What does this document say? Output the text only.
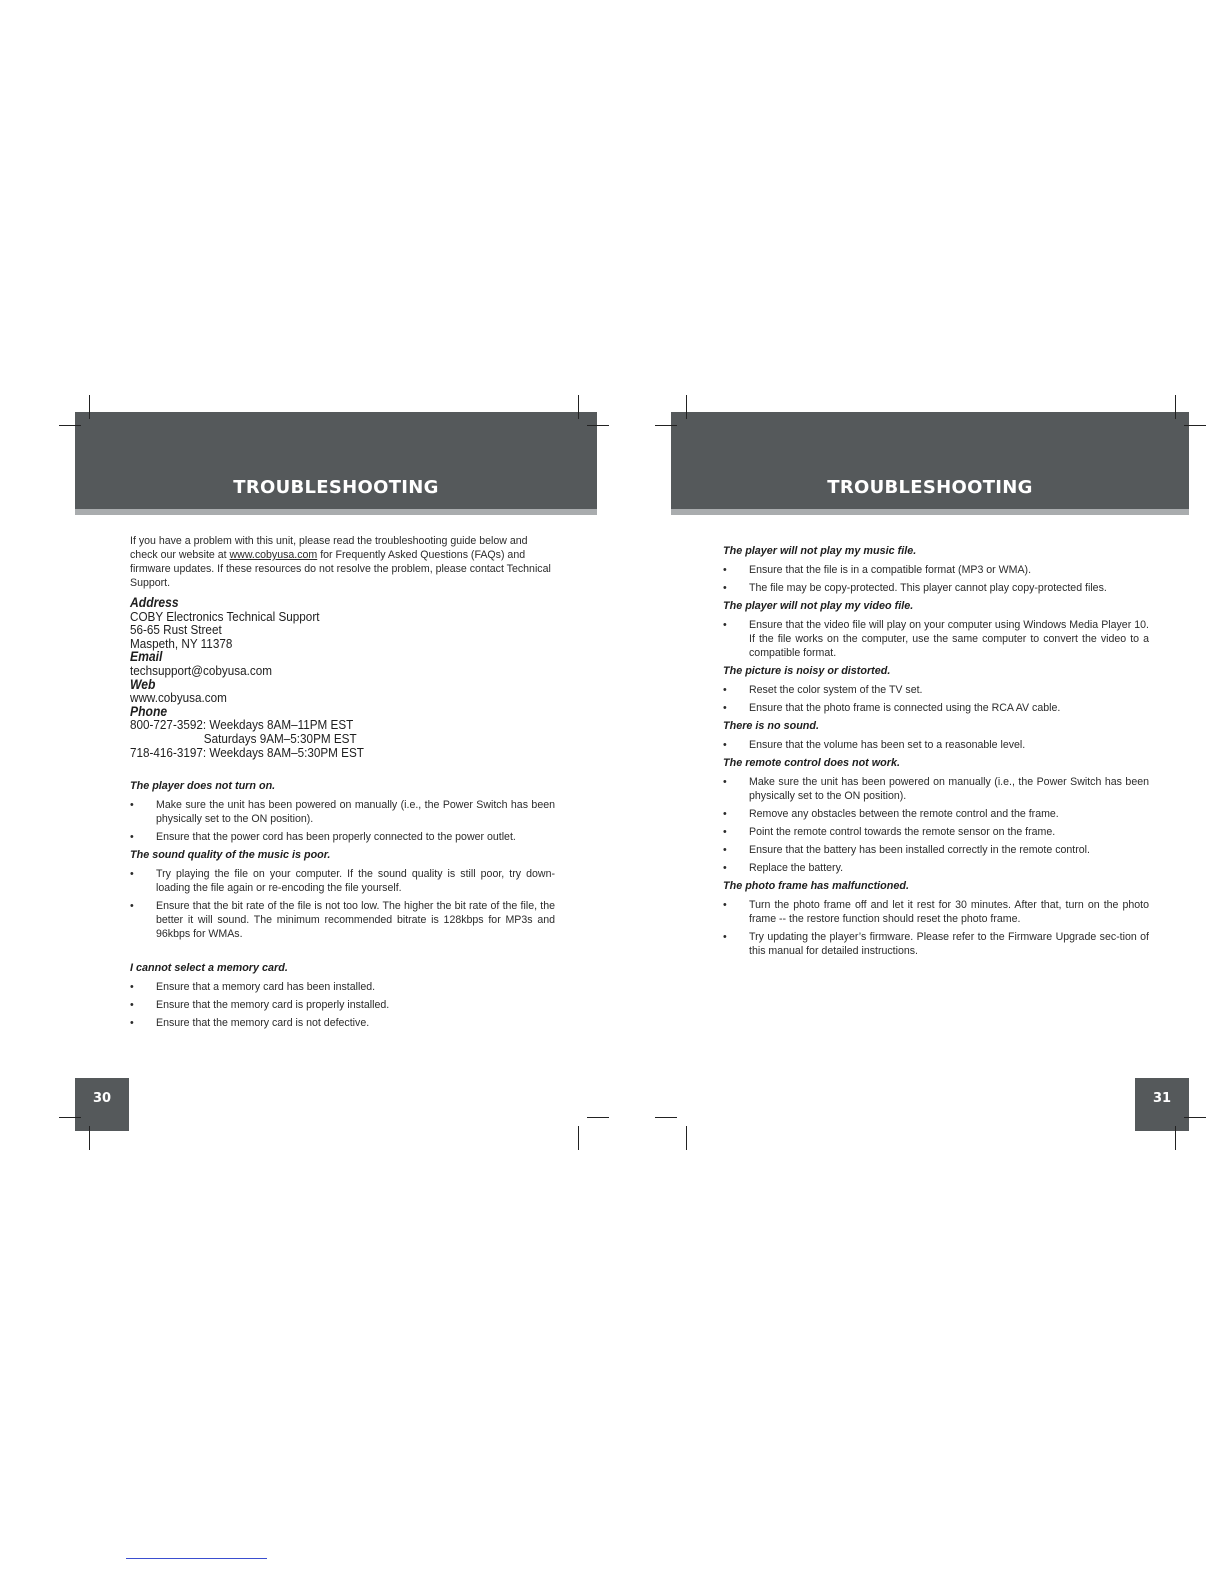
TROUBLESHOOTING

If you have a problem with this unit, please read the troubleshooting guide below and check our website at www.cobyusa.com for Frequently Asked Questions (FAQs) and firmware updates. If these resources do not resolve the problem, please contact Technical Support.

Address
COBY Electronics Technical Support
56-65 Rust Street
Maspeth, NY 11378
Email
techsupport@cobyusa.com
Web
www.cobyusa.com
Phone
800-727-3592: Weekdays 8AM–11PM EST
Saturdays 9AM–5:30PM EST
718-416-3197: Weekdays 8AM–5:30PM EST
The player does not turn on.
• Make sure the unit has been powered on manually (i.e., the Power Switch has been physically set to the ON position).
• Ensure that the power cord has been properly connected to the power outlet.
The sound quality of the music is poor.
• Try playing the file on your computer. If the sound quality is still poor, try down-loading the file again or re-encoding the file yourself.
• Ensure that the bit rate of the file is not too low. The higher the bit rate of the file, the better it will sound. The minimum recommended bitrate is 128kbps for MP3s and 96kbps for WMAs.
I cannot select a memory card.
• Ensure that a memory card has been installed.
• Ensure that the memory card is properly installed.
• Ensure that the memory card is not defective.
30
TROUBLESHOOTING
The player will not play my music file.
• Ensure that the file is in a compatible format (MP3 or WMA).
• The file may be copy-protected. This player cannot play copy-protected files.
The player will not play my video file.
• Ensure that the video file will play on your computer using Windows Media Player 10. If the file works on the computer, use the same computer to convert the video to a compatible format.
The picture is noisy or distorted.
• Reset the color system of the TV set.
• Ensure that the photo frame is connected using the RCA AV cable.
There is no sound.
• Ensure that the volume has been set to a reasonable level.
The remote control does not work.
• Make sure the unit has been powered on manually (i.e., the Power Switch has been physically set to the ON position).
• Remove any obstacles between the remote control and the frame.
• Point the remote control towards the remote sensor on the frame.
• Ensure that the battery has been installed correctly in the remote control.
• Replace the battery.
The photo frame has malfunctioned.
• Turn the photo frame off and let it rest for 30 minutes. After that, turn on the photo frame -- the restore function should reset the photo frame.
• Try updating the player’s firmware. Please refer to the Firmware Upgrade sec-tion of this manual for detailed instructions.
31
